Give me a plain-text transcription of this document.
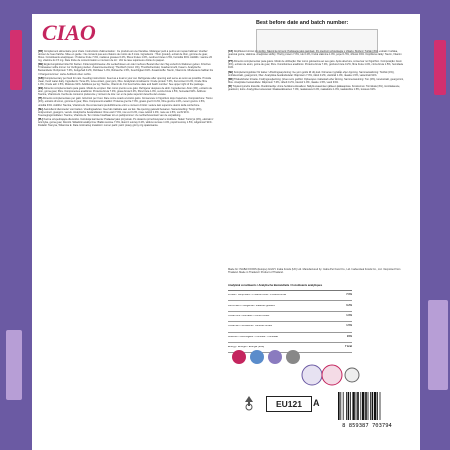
CIAO	Best before date and batch number:

[FR] Complément alimentaire pour chats. Instructions d'alimentation : Ce produit est une friandise. Mélangez petit à petit à son repas habituel. Veuillez donner de l'eau fraîche. Mise en garde : Ne convient pas aux chatons de moins de 3 mois. Ingrédients : Thon (poulet), extrait de thon, gomme de guar, fibres. Constituants analytiques : Protéine brute 7.0%, matières grasses 0.2%, fibres brutes 1.0%, cendres brutes 1.5%, humidité 91%. Additifs : taurine 20 mg, vitamine E 2.5 mg. Date limite de consommation et numéro de lot : Voir la case supérieure droite du paquet.

[DE] Ergänzungsfuttermittel für Katzen. Fütterungshinweise: Als Leckerbissen ein oder mehrere Beutel über den Tag verteilt zu Rationen geben. Frisches Trinkwasser sollte immer zur Verfügung stehen. Zusammensetzung: Thunfisch (mind. 4%), Thunfischextrakt, Guarkernmehl, Fasern. Analytische Bestandteile: Rohprotein 7.0%, Fettgehalt 0.2%, Rohfaser 1.0%, Rohasche 1.5%, Feuchtigkeit 91%. Zusatzstoffe: Taurin, Vitamin E. Mindestens haltbar bis / Chargennummer: siehe Aufdruck oben rechts.

[GB] Complementary pet food for cats. Feeding instructions: Feed as a treat to your cat. Refrigerate after opening and serve as soon as possible. Provide clean, fresh water daily. Ingredients: Tuna 4%, tuna extract, guar gum, fibre. Analytical constituents: Crude protein 7.0%, Fat content 0.2%, Crude fibre 1.0%, Crude ash 1.5%, Moisture 91%. Additives per kg: Taurine, Vitamin E. For best before date and batch number: See upper right of the package.

[ES] Alimento complementario para gatos. Modo de empleo: Dar como premio a su gato. Refrigerar después de abrir. Ingredientes: Atún (4%), extracto de atún, goma guar, fibra. Componentes analíticos: Proteína bruta 7.0%, grasa bruta 0.2%, fibra bruta 1.0%, ceniza bruta 1.5%, humedad 91%. Aditivos: Taurina, Vitamina E. Fecha de consumo preferente y número de lote: ver en la parte superior derecha del envase.

[IT] Alimento complementare per gatti. Istruzioni per l'uso: Dare come snack al vostro gatto. Conservare in frigorifero dopo l'apertura. Composizione: Tonno (4%), estratto di tonno, gomma di guar, fibra. Componenti analitici: Proteina grezza 7.0%, grassi grezzi 0.2%, fibra grezza 1.0%, ceneri grezze 1.5%, umidità 91%. Additivi: Taurina, Vitamina E. Da consumarsi preferibilmente entro e numero di lotto: vedere lato superiore destro della confezione.

[NL] Aanvullend diervoeder voor katten. Voedingsadvies: Geef als traktatie aan uw kat. Na opening gekoeld bewaren. Samenstelling: Tonijn (4%), tonijnextract, guargom, vezels. Analytische bestanddelen: Ruw eiwit 7.0%, ruw vet 0.2%, ruwe celstof 1.0%, ruwe as 1.5%, vocht 91%. Toevoegingsmiddelen: Taurine, Vitamine E. Ten minste houdbaar tot en partijnummer: zie rechterbovenkant van de verpakking.

[PL] Karma uzupełniająca dla kotów. Instrukcja karmienia: Podawać jako przysmak. Po otwarciu przechowywać w lodówce. Skład: Tuńczyk (4%), ekstrakt z tuńczyka, guma guar, błonnik. Składniki analityczne: Białko surowe 7.0%, tłuszcz surowy 0.2%, włókno surowe 1.0%, popiół surowy 1.5%, wilgotność 91%. Dodatki: Tauryna, Witamina E. Data minimalnej trwałości i numer partii: patrz prawy górny róg opakowania.

[CZ] Doplňkové krmivo pro kočky. Návod ke krmení: Podávejte jako pamlsek. Po otevření uchovávejte v chladu. Složení: Tuňák (4%), extrakt z tuňáka, guarová guma, vláknina. Analytické složky: Hrubý protein 7.0%, tuk 0.2%, hrubá vláknina 1.0%, popel 1.5%, vlhkost 91%. Doplňkové látky: Taurin, Vitamin E.

[PT] Alimento complementar para gatos. Modo de utilização: Dar como guloseima ao seu gato. Após abertura, conservar no frigorífico. Composição: Atum (4%), extrato de atum, goma de guar, fibra. Constituintes analíticos: Proteína bruta 7.0%, gordura bruta 0.2%, fibra bruta 1.0%, cinza bruta 1.5%, humidade 91%.

[SE] Kompletteringsfoder för katter. Utfodringsanvisning: Ge som godis till din katt. Förvaras i kylskåp efter öppning. Sammansättning: Tonfisk (4%), tonfiskextrakt, guargummi, fiber. Analytiska beståndsdelar: Råprotein 7.0%, råfett 0.2%, växttråd 1.0%, råaska 1.5%, vattenhalt 91%.

[DK] Tilskudsfoder til katte. Fodringsvejledning: Gives som godbid. Opbevares i køleskab efter åbning. Sammensætning: Tun (4%), tunekstrakt, guargummi, fibre. Analytiske bestanddele: Råprotein 7.0%, råfedt 0.2%, træstof 1.0%, råaske 1.5%, vand 91%.

[FI] Täydennysrehu kissoille. Ruokintaohje: Anna herkkuna kissallesi. Säilytä avaamisen jälkeen jääkaapissa. Koostumus: Tonnikala (4%), tonnikalauute, guarkumi, kuitu. Analyyttiset ainesosat: Raakavalkuainen 7.0%, raakarasva 0.2%, raakakuitu 1.0%, raakatuhka 1.5%, kosteus 91%.

Made for: INABA FOODS (Europe) GmbH. Inaba Foods (UK) Ltd. Manufactured by: Inaba Pet Food Co., Ltd. Inaba-Ideal Foods Co., Ltd. / Exported from Thailand. Made in Thailand / Product of Thailand.
Analytical constituents / Analytische Bestandteile / Constituants analytiques
Protein / Rohprotein / Protéine brute / Proteína bruta	7.0%
Fat content / Fettgehalt / Matières grasses	0.2%
Crude fibre / Rohfaser / Fibres brutes	1.0%
Crude ash / Rohasche / Cendres brutes	1.5%
Moisture / Feuchtigkeit / Humidité / Humedad	91%
Energy / Energie / Énergie (kcal)	7 kcal
EU121	A
8 859387 703794
